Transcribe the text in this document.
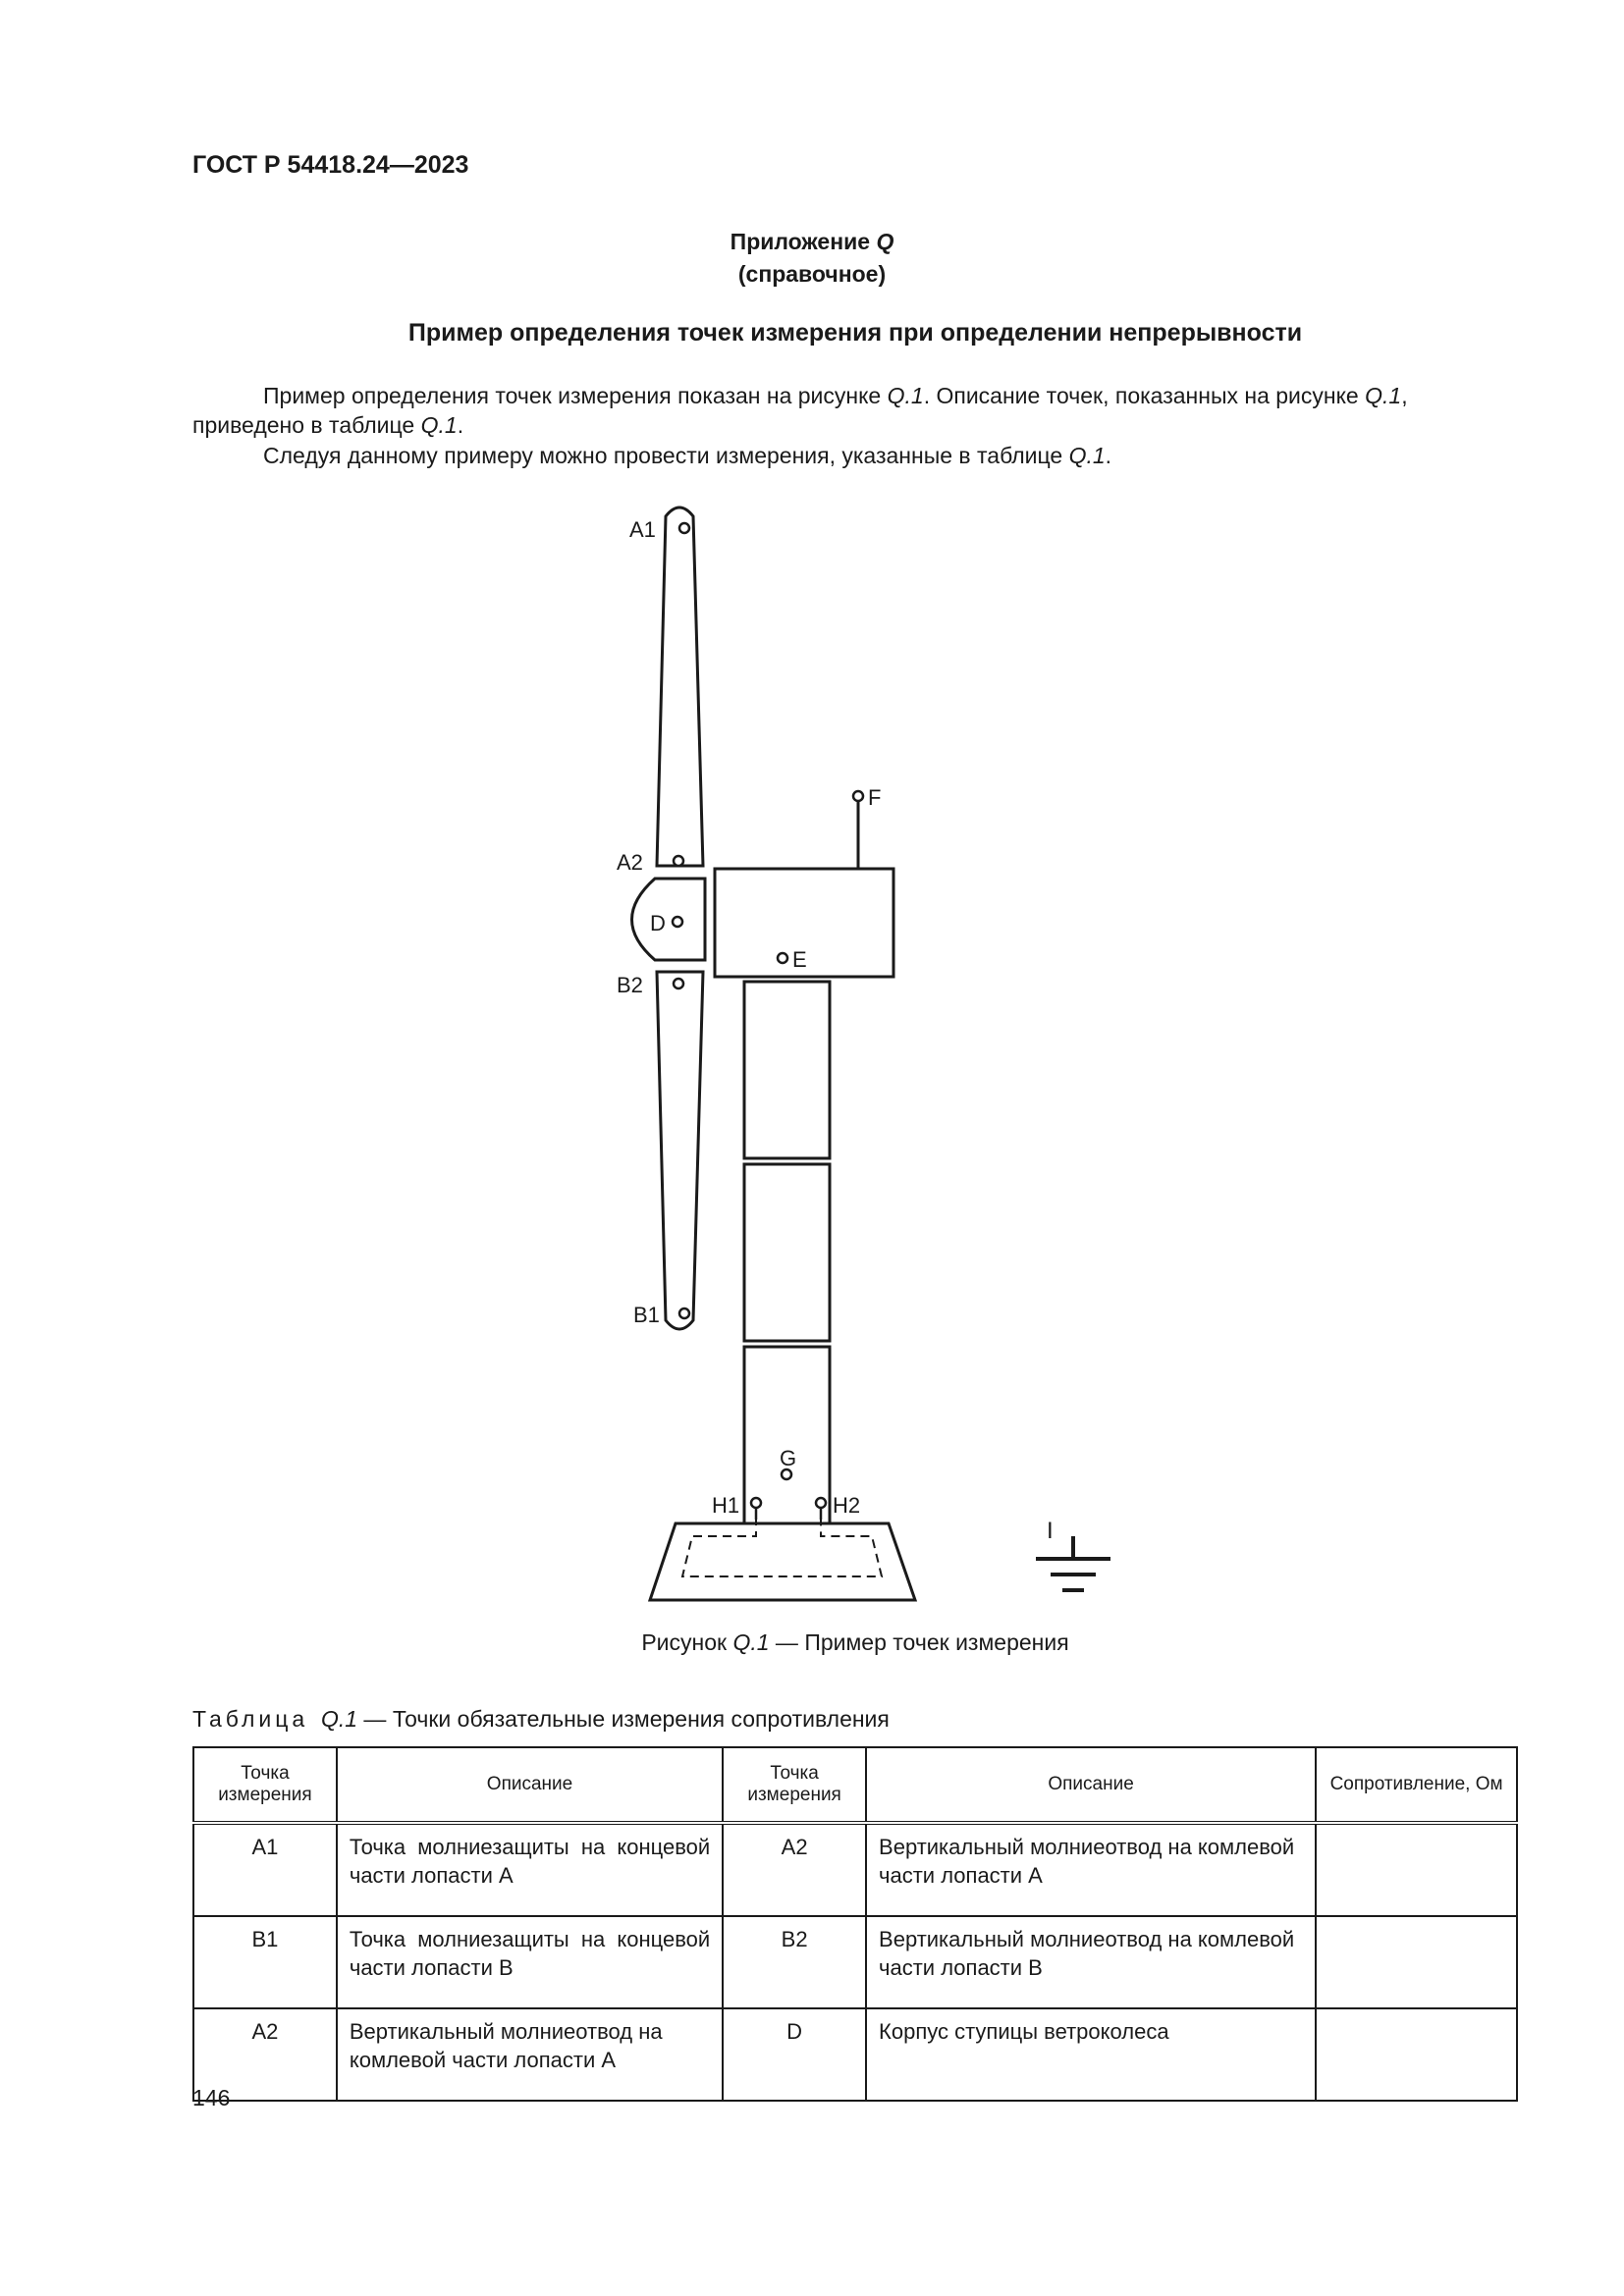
ГОСТ Р 54418.24—2023
Приложение Q
(справочное)
Пример определения точек измерения при определении непрерывности
Пример определения точек измерения показан на рисунке Q.1. Описание точек, показанных на рисунке Q.1,
приведено в таблице Q.1.
Следуя данному примеру можно провести измерения, указанные в таблице Q.1.
A1
A2
D
B2
B1
F
E
G
H1	H2
I
Рисунок Q.1 — Пример точек измерения
Таблица Q.1 — Точки обязательные измерения сопротивления
Точка измерения	Описание	Точка измерения	Описание	Сопротивление, Ом
A1	Точка молниезащиты на концевой части лопасти A	A2	Вертикальный молниеотвод на комлевой части лопасти A	
B1	Точка молниезащиты на концевой части лопасти B	B2	Вертикальный молниеотвод на комлевой части лопасти B	
A2	Вертикальный молниеотвод на комлевой части лопасти A	D	Корпус ступицы ветроколеса	
146
